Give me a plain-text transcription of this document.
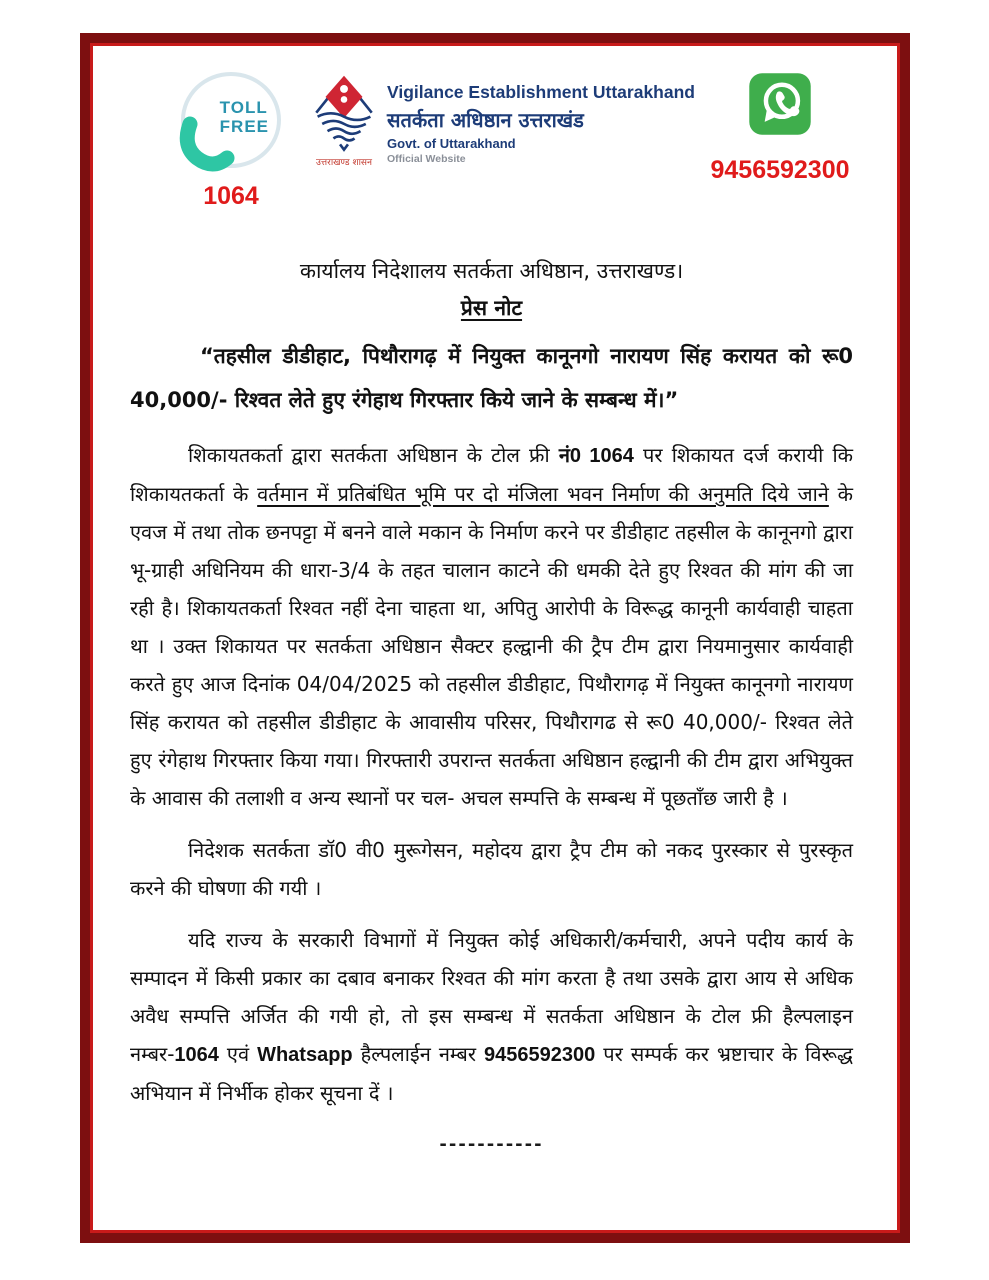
TOLL
FREE
1064
उत्तराखण्ड शासन
Vigilance Establishment Uttarakhand
सतर्कता अधिष्ठान उत्तराखंड
Govt. of Uttarakhand
Official Website	9456592300
कार्यालय निदेशालय सतर्कता अधिष्ठान, उत्तराखण्ड।
प्रेस नोट

“तहसील डीडीहाट, पिथौरागढ़ में नियुक्त कानूनगो नारायण सिंह करायत को रू0 40,000/- रिश्वत लेते हुए रंगेहाथ गिरफ्तार किये जाने के सम्बन्ध में।”

शिकायतकर्ता द्वारा सतर्कता अधिष्ठान के टोल फ्री नं0 1064 पर शिकायत दर्ज करायी कि शिकायतकर्ता के वर्तमान में प्रतिबंधित भूमि पर दो मंजिला भवन निर्माण की अनुमति दिये जाने के एवज में तथा तोक छनपट्टा में बनने वाले मकान के निर्माण करने पर डीडीहाट तहसील के कानूनगो द्वारा भू-ग्राही अधिनियम की धारा-3/4 के तहत चालान काटने की धमकी देते हुए रिश्वत की मांग की जा रही है। शिकायतकर्ता रिश्वत नहीं देना चाहता था, अपितु आरोपी के विरूद्ध कानूनी कार्यवाही चाहता था । उक्त शिकायत पर सतर्कता अधिष्ठान सैक्टर हल्द्वानी की ट्रैप टीम द्वारा नियमानुसार कार्यवाही करते हुए आज दिनांक 04/04/2025 को तहसील डीडीहाट, पिथौरागढ़ में नियुक्त कानूनगो नारायण सिंह करायत को तहसील डीडीहाट के आवासीय परिसर, पिथौरागढ से रू0 40,000/- रिश्वत लेते हुए रंगेहाथ गिरफ्तार किया गया। गिरफ्तारी उपरान्त सतर्कता अधिष्ठान हल्द्वानी की टीम द्वारा अभियुक्त के आवास की तलाशी व अन्य स्थानों पर चल- अचल सम्पत्ति के सम्बन्ध में पूछताँछ जारी है ।

निदेशक सतर्कता डॉ0 वी0 मुरूगेसन, महोदय द्वारा ट्रैप टीम को नकद पुरस्कार से पुरस्कृत करने की घोषणा की गयी ।

यदि राज्य के सरकारी विभागों में नियुक्त कोई अधिकारी/कर्मचारी, अपने पदीय कार्य के सम्पादन में किसी प्रकार का दबाव बनाकर रिश्वत की मांग करता है तथा उसके द्वारा आय से अधिक अवैध सम्पत्ति अर्जित की गयी हो, तो इस सम्बन्ध में सतर्कता अधिष्ठान के टोल फ्री हैल्पलाइन नम्बर-1064 एवं Whatsapp हैल्पलाईन नम्बर 9456592300 पर सम्पर्क कर भ्रष्टाचार के विरूद्ध अभियान में निर्भीक होकर सूचना दें ।

-----------
